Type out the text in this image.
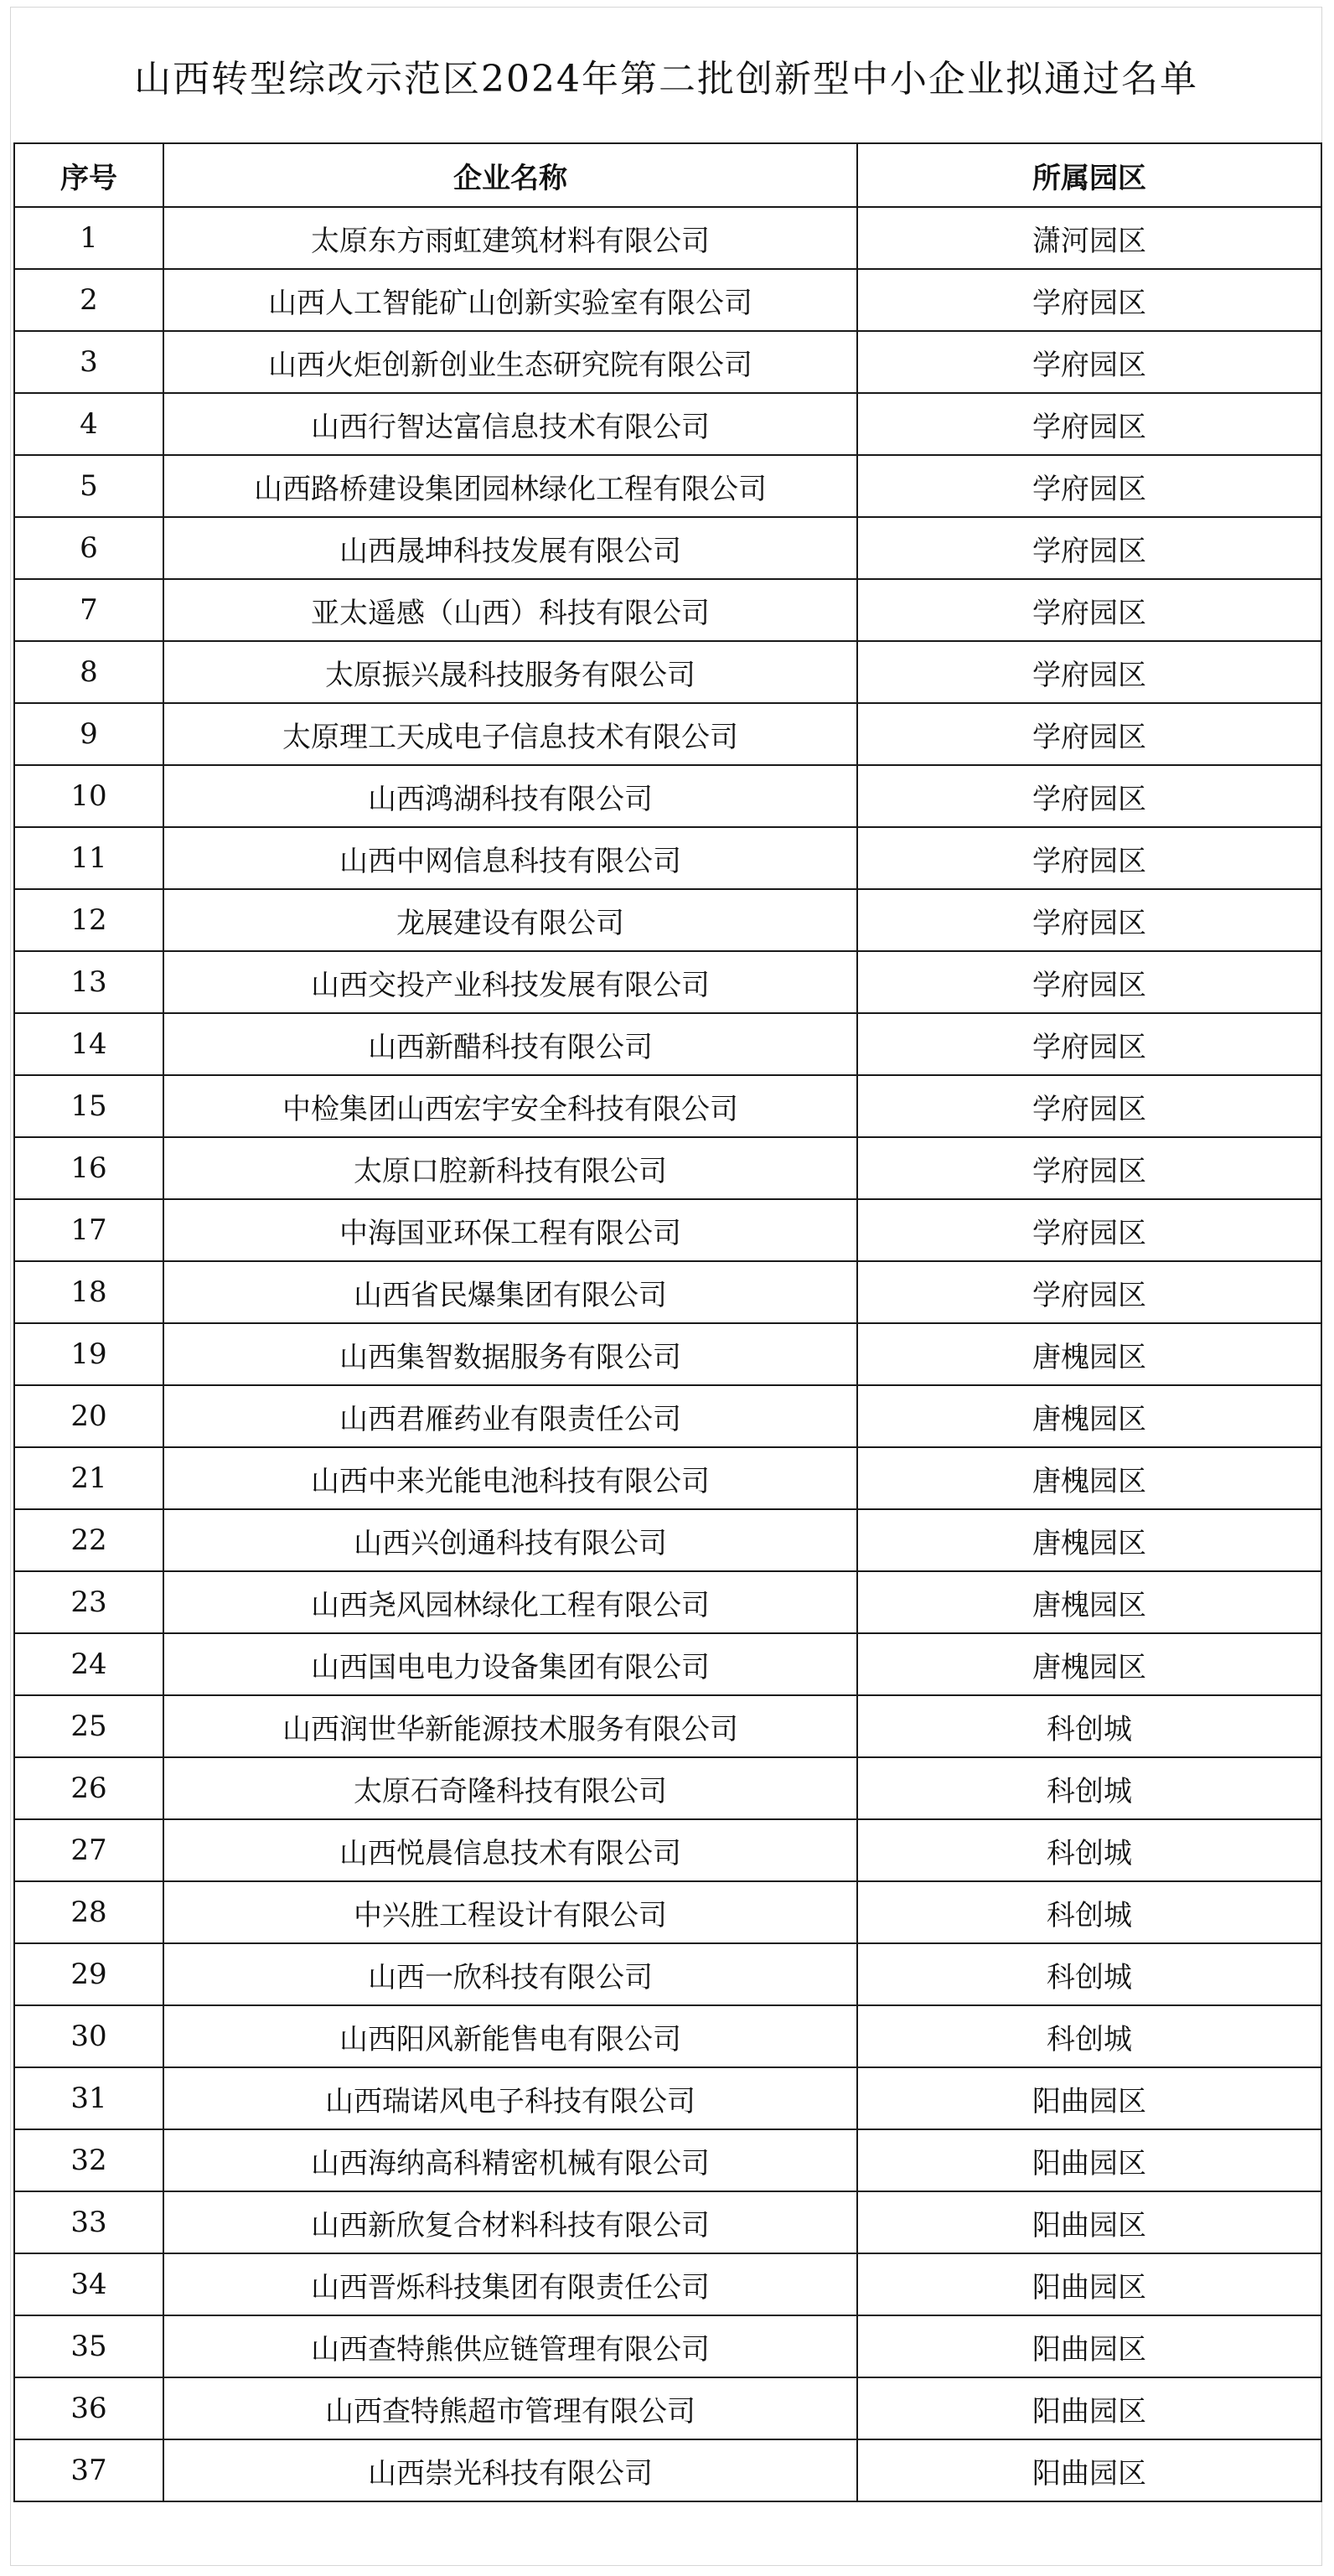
山西转型综改示范区2024年第二批创新型中小企业拟通过名单
序号	企业名称	所属园区
1	太原东方雨虹建筑材料有限公司	潇河园区
2	山西人工智能矿山创新实验室有限公司	学府园区
3	山西火炬创新创业生态研究院有限公司	学府园区
4	山西行智达富信息技术有限公司	学府园区
5	山西路桥建设集团园林绿化工程有限公司	学府园区
6	山西晟坤科技发展有限公司	学府园区
7	亚太遥感（山西）科技有限公司	学府园区
8	太原振兴晟科技服务有限公司	学府园区
9	太原理工天成电子信息技术有限公司	学府园区
10	山西鸿湖科技有限公司	学府园区
11	山西中网信息科技有限公司	学府园区
12	龙展建设有限公司	学府园区
13	山西交投产业科技发展有限公司	学府园区
14	山西新醋科技有限公司	学府园区
15	中检集团山西宏宇安全科技有限公司	学府园区
16	太原口腔新科技有限公司	学府园区
17	中海国亚环保工程有限公司	学府园区
18	山西省民爆集团有限公司	学府园区
19	山西集智数据服务有限公司	唐槐园区
20	山西君雁药业有限责任公司	唐槐园区
21	山西中来光能电池科技有限公司	唐槐园区
22	山西兴创通科技有限公司	唐槐园区
23	山西尧风园林绿化工程有限公司	唐槐园区
24	山西国电电力设备集团有限公司	唐槐园区
25	山西润世华新能源技术服务有限公司	科创城
26	太原石奇隆科技有限公司	科创城
27	山西悦晨信息技术有限公司	科创城
28	中兴胜工程设计有限公司	科创城
29	山西一欣科技有限公司	科创城
30	山西阳风新能售电有限公司	科创城
31	山西瑞诺风电子科技有限公司	阳曲园区
32	山西海纳高科精密机械有限公司	阳曲园区
33	山西新欣复合材料科技有限公司	阳曲园区
34	山西晋烁科技集团有限责任公司	阳曲园区
35	山西查特熊供应链管理有限公司	阳曲园区
36	山西查特熊超市管理有限公司	阳曲园区
37	山西崇光科技有限公司	阳曲园区
